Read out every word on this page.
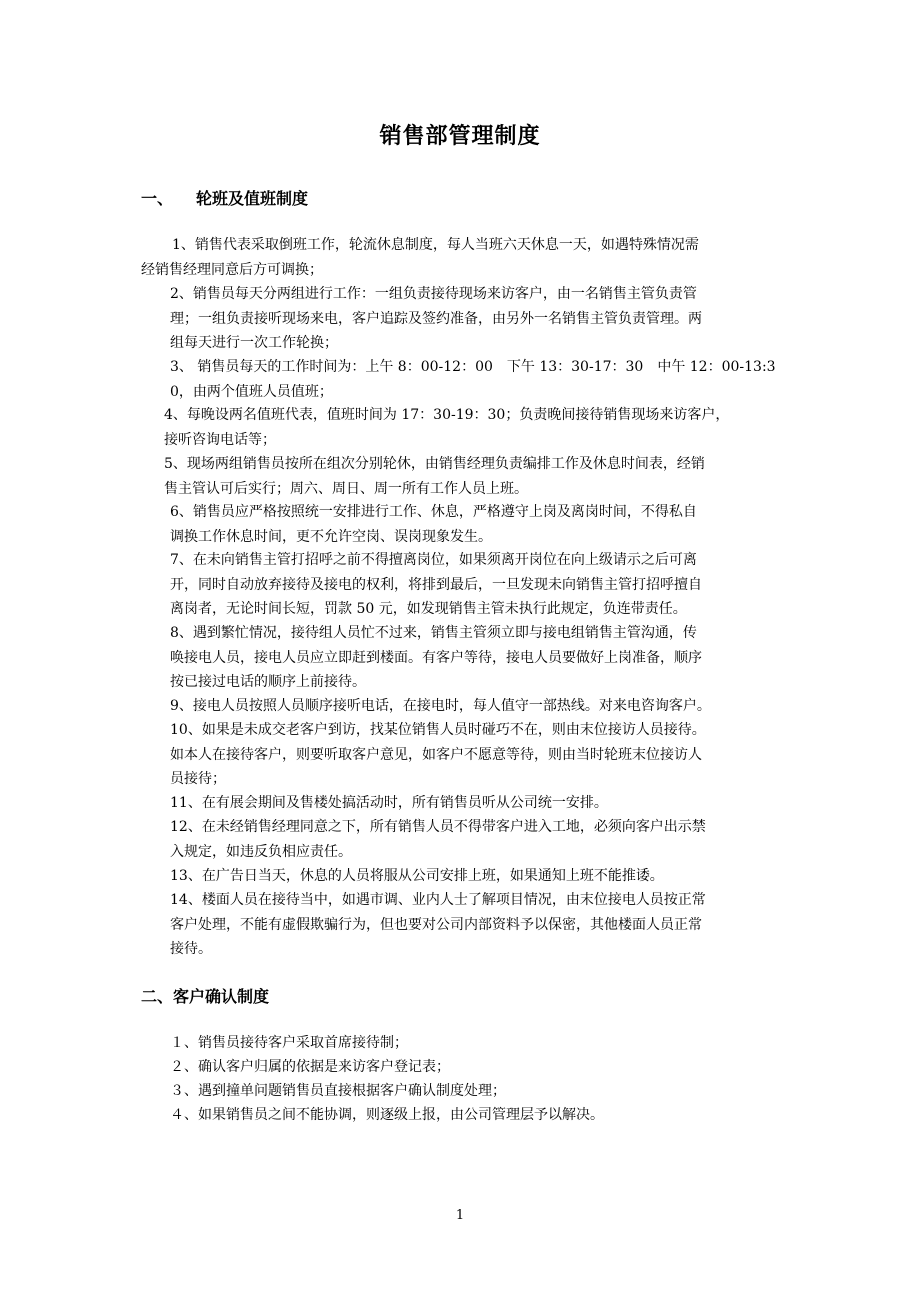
销售部管理制度
一、 轮班及值班制度
1、销售代表采取倒班工作，轮流休息制度，每人当班六天休息一天，如遇特殊情况需
经销售经理同意后方可调换；
2、销售员每天分两组进行工作：一组负责接待现场来访客户，由一名销售主管负责管
理；一组负责接听现场来电，客户追踪及签约准备，由另外一名销售主管负责管理。两
组每天进行一次工作轮换；
3、 销售员每天的工作时间为：上午 8：00-12：00　下午 13：30-17：30　中午 12：00-13:3
0，由两个值班人员值班；
4、每晚设两名值班代表，值班时间为 17：30-19：30；负责晚间接待销售现场来访客户，
接听咨询电话等；
5、现场两组销售员按所在组次分别轮休，由销售经理负责编排工作及休息时间表，经销
售主管认可后实行；周六、周日、周一所有工作人员上班。
6、销售员应严格按照统一安排进行工作、休息，严格遵守上岗及离岗时间，不得私自
调换工作休息时间，更不允许空岗、误岗现象发生。
7、在未向销售主管打招呼之前不得擅离岗位，如果须离开岗位在向上级请示之后可离
开，同时自动放弃接待及接电的权利，将排到最后，一旦发现未向销售主管打招呼擅自
离岗者，无论时间长短，罚款 50 元，如发现销售主管未执行此规定，负连带责任。
8、遇到繁忙情况，接待组人员忙不过来，销售主管须立即与接电组销售主管沟通，传
唤接电人员，接电人员应立即赶到楼面。有客户等待，接电人员要做好上岗准备，顺序
按已接过电话的顺序上前接待。
9、接电人员按照人员顺序接听电话，在接电时，每人值守一部热线。对来电咨询客户。
10、如果是未成交老客户到访，找某位销售人员时碰巧不在，则由末位接访人员接待。
如本人在接待客户，则要听取客户意见，如客户不愿意等待，则由当时轮班末位接访人
员接待；
11、在有展会期间及售楼处搞活动时，所有销售员听从公司统一安排。
12、在未经销售经理同意之下，所有销售人员不得带客户进入工地，必须向客户出示禁
入规定，如违反负相应责任。
13、在广告日当天，休息的人员将服从公司安排上班，如果通知上班不能推诿。
14、楼面人员在接待当中，如遇市调、业内人士了解项目情况，由末位接电人员按正常
客户处理，不能有虚假欺骗行为，但也要对公司内部资料予以保密，其他楼面人员正常
接待。
二、客户确认制度
１、销售员接待客户采取首席接待制；
２、确认客户归属的依据是来访客户登记表；
３、遇到撞单问题销售员直接根据客户确认制度处理；
４、如果销售员之间不能协调，则逐级上报，由公司管理层予以解决。
1
